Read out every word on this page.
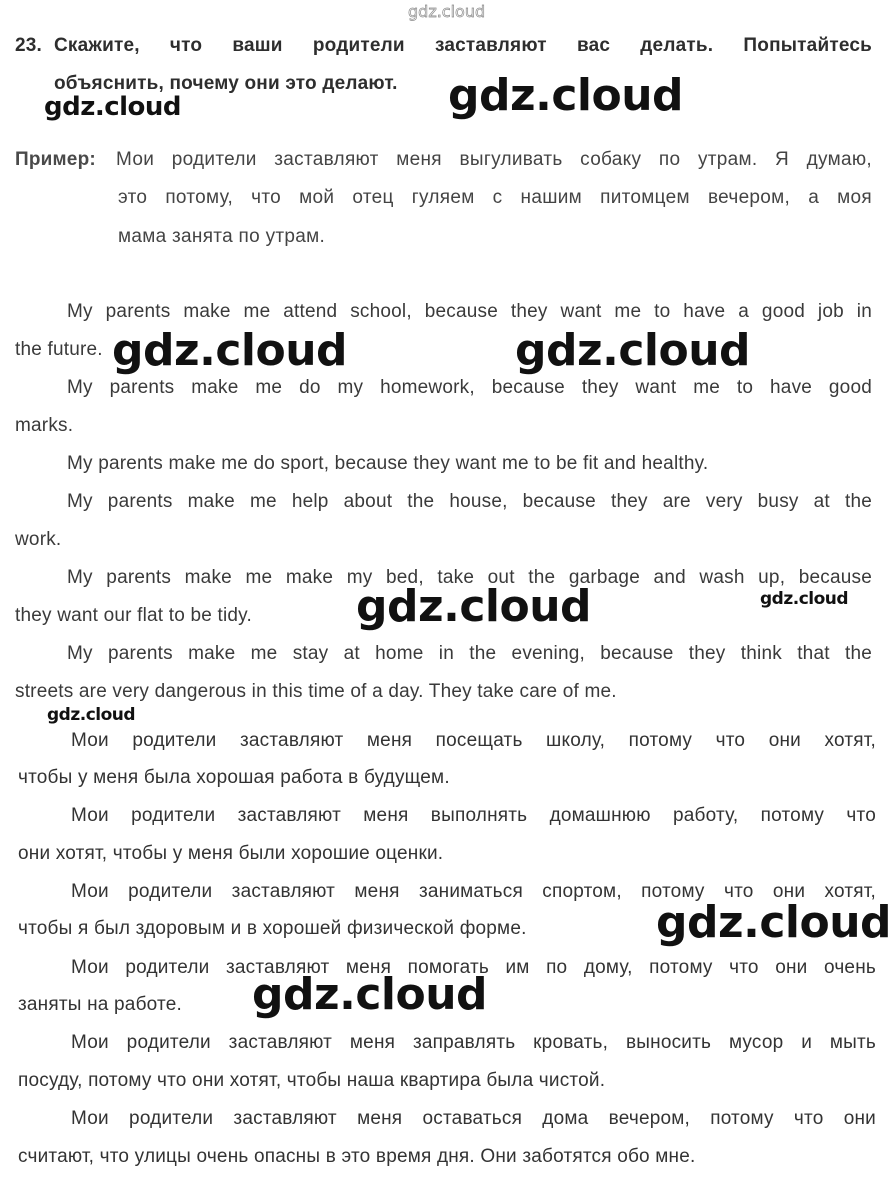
gdz.cloud
23. Скажите, что ваши родители заставляют вас делать. Попытайтесь
объяснить, почему они это делают.
Пример: Мои родители заставляют меня выгуливать собаку по утрам. Я думаю,
это потому, что мой отец гуляем с нашим питомцем вечером, а моя
мама занята по утрам.
My parents make me attend school, because they want me to have a good job in
the future.
My parents make me do my homework, because they want me to have good
marks.
My parents make me do sport, because they want me to be fit and healthy.
My parents make me help about the house, because they are very busy at the
work.
My parents make me make my bed, take out the garbage and wash up, because
they want our flat to be tidy.
My parents make me stay at home in the evening, because they think that the
streets are very dangerous in this time of a day. They take care of me.
Мои родители заставляют меня посещать школу, потому что они хотят,
чтобы у меня была хорошая работа в будущем.
Мои родители заставляют меня выполнять домашнюю работу, потому что
они хотят, чтобы у меня были хорошие оценки.
Мои родители заставляют меня заниматься спортом, потому что они хотят,
чтобы я был здоровым и в хорошей физической форме.
Мои родители заставляют меня помогать им по дому, потому что они очень
заняты на работе.
Мои родители заставляют меня заправлять кровать, выносить мусор и мыть
посуду, потому что они хотят, чтобы наша квартира была чистой.
Мои родители заставляют меня оставаться дома вечером, потому что они
считают, что улицы очень опасны в это время дня. Они заботятся обо мне.
gdz.cloud	gdz.cloud
gdz.cloud	gdz.cloud
gdz.cloud	gdz.cloud
gdz.cloud
gdz.cloud
gdz.cloud
